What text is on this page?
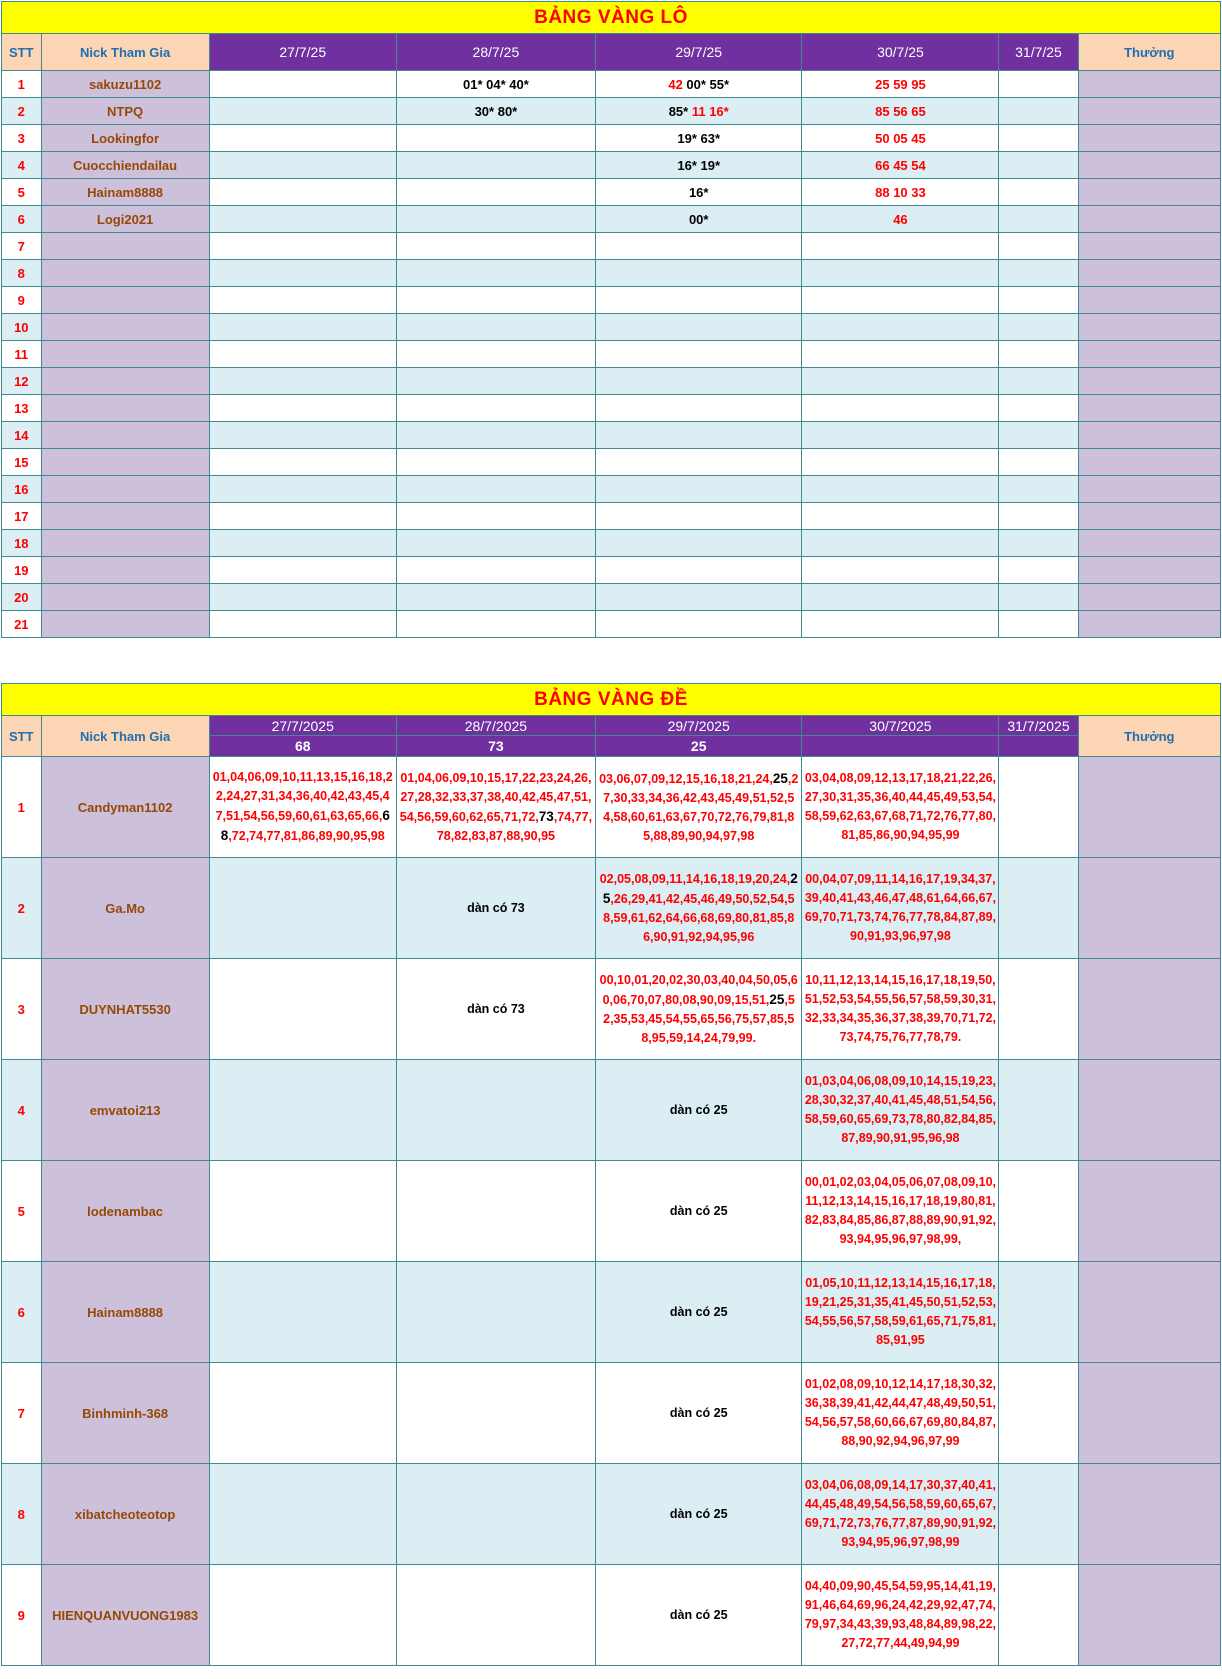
BẢNG VÀNG LÔ							
STT	Nick Tham Gia	27/7/25	28/7/25	29/7/25	30/7/25	31/7/25	Thưởng
1	sakuzu1102		01* 04* 40*	42 00* 55*	25 59 95		

2	NTPQ		30* 80*	85* 11 16*	85 56 65		

3	Lookingfor			19* 63*	50 05 45		

4	Cuocchiendailau			16* 19*	66 45 54		

5	Hainam8888			16*	88 10 33		

6	Logi2021			00*	46		

7							
8							
9							
10							
11							
12							
13							
14							
15							
16							
17							
18							
19							
20							
21							
BẢNG VÀNG ĐỀ							
STT	Nick Tham Gia	27/7/2025	28/7/2025	29/7/2025	30/7/2025	31/7/2025	Thưởng
		68	73	25			
1	Candyman1102	01,04,06,09,10,11,13,15,16,18,22,24,27,31,34,36,40,42,43,45,47,51,54,56,59,60,61,63,65,66,68,72,74,77,81,86,89,90,95,98	01,04,06,09,10,15,17,22,23,24,26,27,28,32,33,37,38,40,42,45,47,51,54,56,59,60,62,65,71,72,73,74,77,78,82,83,87,88,90,95	03,06,07,09,12,15,16,18,21,24,25,27,30,33,34,36,42,43,45,49,51,52,54,58,60,61,63,67,70,72,76,79,81,85,88,89,90,94,97,98	03,04,08,09,12,13,17,18,21,22,26,27,30,31,35,36,40,44,45,49,53,54,58,59,62,63,67,68,71,72,76,77,80,81,85,86,90,94,95,99		

2	Ga.Mo		dàn có 73	02,05,08,09,11,14,16,18,19,20,24,25,26,29,41,42,45,46,49,50,52,54,58,59,61,62,64,66,68,69,80,81,85,86,90,91,92,94,95,96	00,04,07,09,11,14,16,17,19,34,37,39,40,41,43,46,47,48,61,64,66,67,69,70,71,73,74,76,77,78,84,87,89,90,91,93,96,97,98		

3	DUYNHAT5530		dàn có 73	00,10,01,20,02,30,03,40,04,50,05,60,06,70,07,80,08,90,09,15,51,25,52,35,53,45,54,55,65,56,75,57,85,58,95,59,14,24,79,99.	10,11,12,13,14,15,16,17,18,19,50,51,52,53,54,55,56,57,58,59,30,31,32,33,34,35,36,37,38,39,70,71,72,73,74,75,76,77,78,79.		

4	emvatoi213			dàn có 25	01,03,04,06,08,09,10,14,15,19,23,28,30,32,37,40,41,45,48,51,54,56,58,59,60,65,69,73,78,80,82,84,85,87,89,90,91,95,96,98		

5	lodenambac			dàn có 25	00,01,02,03,04,05,06,07,08,09,10,11,12,13,14,15,16,17,18,19,80,81,82,83,84,85,86,87,88,89,90,91,92,93,94,95,96,97,98,99,		

6	Hainam8888			dàn có 25	01,05,10,11,12,13,14,15,16,17,18,19,21,25,31,35,41,45,50,51,52,53,54,55,56,57,58,59,61,65,71,75,81,85,91,95		

7	Binhminh-368			dàn có 25	01,02,08,09,10,12,14,17,18,30,32,36,38,39,41,42,44,47,48,49,50,51,54,56,57,58,60,66,67,69,80,84,87,88,90,92,94,96,97,99		

8	xibatcheoteotop			dàn có 25	03,04,06,08,09,14,17,30,37,40,41,44,45,48,49,54,56,58,59,60,65,67,69,71,72,73,76,77,87,89,90,91,92,93,94,95,96,97,98,99		

9	HIENQUANVUONG1983			dàn có 25	04,40,09,90,45,54,59,95,14,41,19,91,46,64,69,96,24,42,29,92,47,74,79,97,34,43,39,93,48,84,89,98,22,27,72,77,44,49,94,99		
